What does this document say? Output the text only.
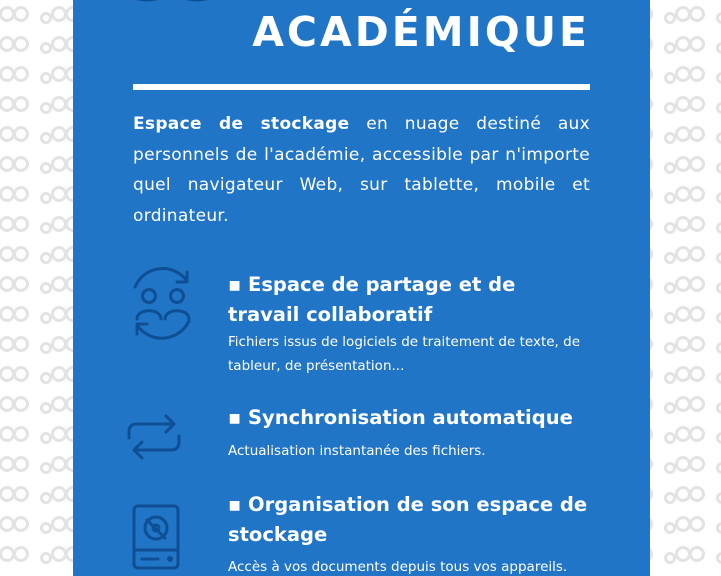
ACADÉMIQUE

Espace de stockage en nuage destiné aux personnels de l'académie, accessible par n'importe quel navigateur Web, sur tablette, mobile et ordinateur.

▪ Espace de partage et de travail collaboratif

Fichiers issus de logiciels de traitement de texte, de tableur, de présentation...

▪ Synchronisation automatique

Actualisation instantanée des fichiers.

▪ Organisation de son espace de stockage

Accès à vos documents depuis tous vos appareils.
